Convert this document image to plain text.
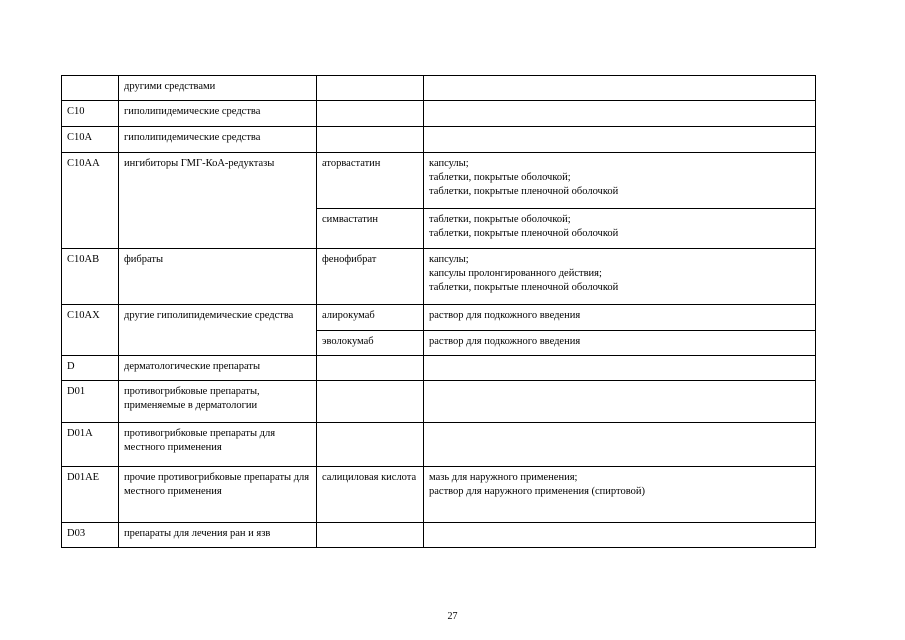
	другими средствами		
C10	гиполипидемические средства		
C10A	гиполипидемические средства		
C10AA	ингибиторы ГМГ-КоА-редуктазы	аторвастатин	капсулы;
таблетки, покрытые оболочкой;
таблетки, покрытые пленочной оболочкой

		симвастатин	таблетки, покрытые оболочкой;
таблетки, покрытые пленочной оболочкой

C10AB	фибраты	фенофибрат	капсулы;
капсулы пролонгированного действия;
таблетки, покрытые пленочной оболочкой

C10AX	другие гиполипидемические средства	алирокумаб	раствор для подкожного введения

		эволокумаб	раствор для подкожного введения

D	дерматологические препараты		
D01	противогрибковые препараты, применяемые в дерматологии		
D01A	противогрибковые препараты для местного применения		
D01AE	прочие противогрибковые препараты для местного применения	салициловая кислота	мазь для наружного применения;
раствор для наружного применения (спиртовой)

D03	препараты для лечения ран и язв		
27
